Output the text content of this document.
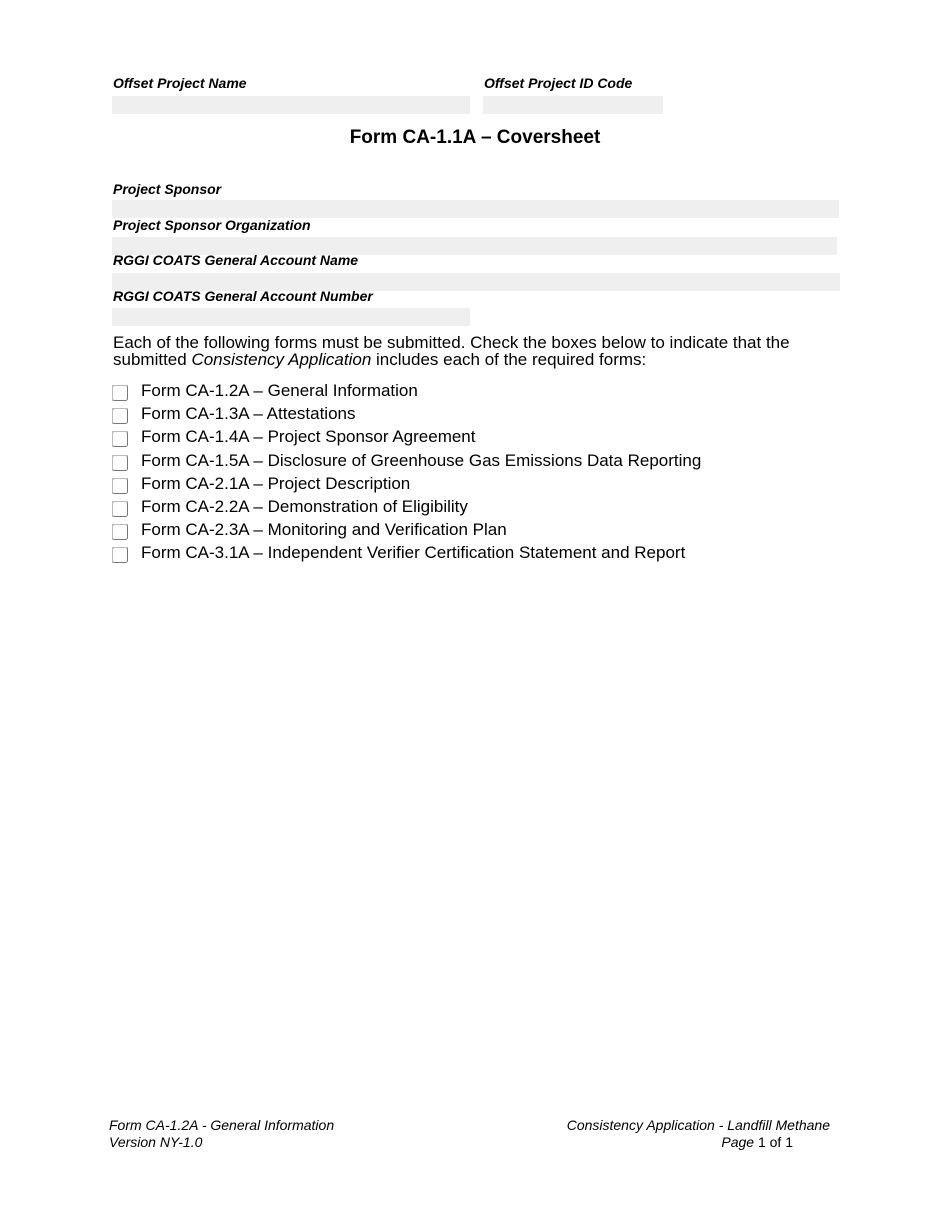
Offset Project Name	Offset Project ID Code
Form CA-1.1A – Coversheet
Project Sponsor
Project Sponsor Organization
RGGI COATS General Account Name
RGGI COATS General Account Number
Each of the following forms must be submitted. Check the boxes below to indicate that the submitted Consistency Application includes each of the required forms:
Form CA-1.2A – General Information
Form CA-1.3A – Attestations
Form CA-1.4A – Project Sponsor Agreement
Form CA-1.5A – Disclosure of Greenhouse Gas Emissions Data Reporting
Form CA-2.1A – Project Description
Form CA-2.2A – Demonstration of Eligibility
Form CA-2.3A – Monitoring and Verification Plan
Form CA-3.1A – Independent Verifier Certification Statement and Report
Form CA-1.2A - General Information
Version NY-1.0
Consistency Application - Landfill Methane
Page 1 of 1
